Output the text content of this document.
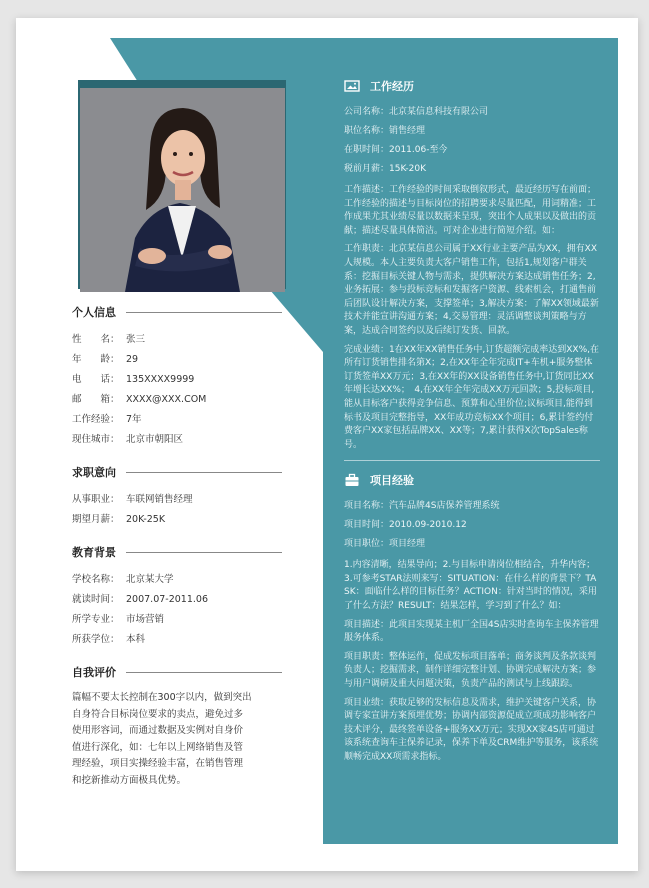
个人信息
性　　名： 张三
年　　龄： 29
电　　话： 135XXXX9999
邮　　箱： XXXX@XXX.COM
工作经验： 7年
现住城市： 北京市朝阳区
求职意向
从事职业： 车联网销售经理
期望月薪： 20K-25K
教育背景
学校名称： 北京某大学
就读时间： 2007.07-2011.06
所学专业： 市场营销
所获学位： 本科
自我评价
篇幅不要太长控制在300字以内，做到突出自身符合目标岗位要求的卖点，避免过多使用形容词，而通过数据及实例对自身价值进行深化，如：七年以上网络销售及管理经验，项目实操经验丰富，在销售管理和挖新推动方面极具优势。
工作经历
公司名称：北京某信息科技有限公司
职位名称：销售经理
在职时间：2011.06-至今
税前月薪：15K-20K
工作描述：工作经验的时间采取倒叙形式，最近经历写在前面；工作经验的描述与目标岗位的招聘要求尽量匹配，用词精准；工作成果尤其业绩尽量以数据来呈现，突出个人成果以及做出的贡献；描述尽量具体简洁。可对企业进行简短介绍。如：
工作职责：北京某信息公司属于XX行业主要产品为XX，拥有XX人规模。本人主要负责大客户销售工作，包括1,规划客户群关系：挖掘目标关键人物与需求，提供解决方案达成销售任务；2,业务拓展：参与投标竞标和发掘客户资源、线索机会，打通售前后团队设计解决方案，支撑签单；3,解决方案：了解XX领域最新技术并能宣讲沟通方案；4,交易管理：灵活调整谈判策略与方案，达成合同签约以及后续订发货、回款。
完成业绩：1在XX年XX销售任务中,订货超额完成率达到XX%,在所有订货销售排名第X；2,在XX年全年完成IT+车机+服务整体订货签单XX万元；3,在XX年的XX设备销售任务中,订货同比XX年增长达XX%；　4,在XX年全年完成XX万元回款；5,投标项目,能从目标客户获得竞争信息、预算和心里价位;议标项目,能得到标书及项目完整指导，XX年成功竞标XX个项目；6,累计签约付费客户XX家包括品牌XX、XX等；7,累计获得X次TopSales称号。
项目经验
项目名称：汽车品牌4S店保养管理系统
项目时间：2010.09-2010.12
项目职位：项目经理
1.内容清晰，结果导向；2.与目标申请岗位相结合，升华内容；3.可参考STAR法则来写：SITUATION：在什么样的背景下？TASK：面临什么样的目标任务？ACTION：针对当时的情况，采用了什么方法？RESULT：结果怎样，学习到了什么？如：
项目描述：此项目实现某主机厂全国4S店实时查询车主保养管理服务体系。
项目职责：整体运作，促成发标项目落单；商务谈判及条款谈判负责人；挖掘需求，制作详细完整计划、协调完成解决方案；参与用户调研及重大问题决策，负责产品的测试与上线跟踪。
项目业绩：获取足够的发标信息及需求，维护关键客户关系，协调专家宣讲方案预埋优势；协调内部资源促成立项成功影响客户技术评分，最终签单设备+服务XX万元；实现XX家4S店可通过该系统查询车主保养记录，保养下单及CRM维护等服务，该系统顺畅完成XX项需求指标。
